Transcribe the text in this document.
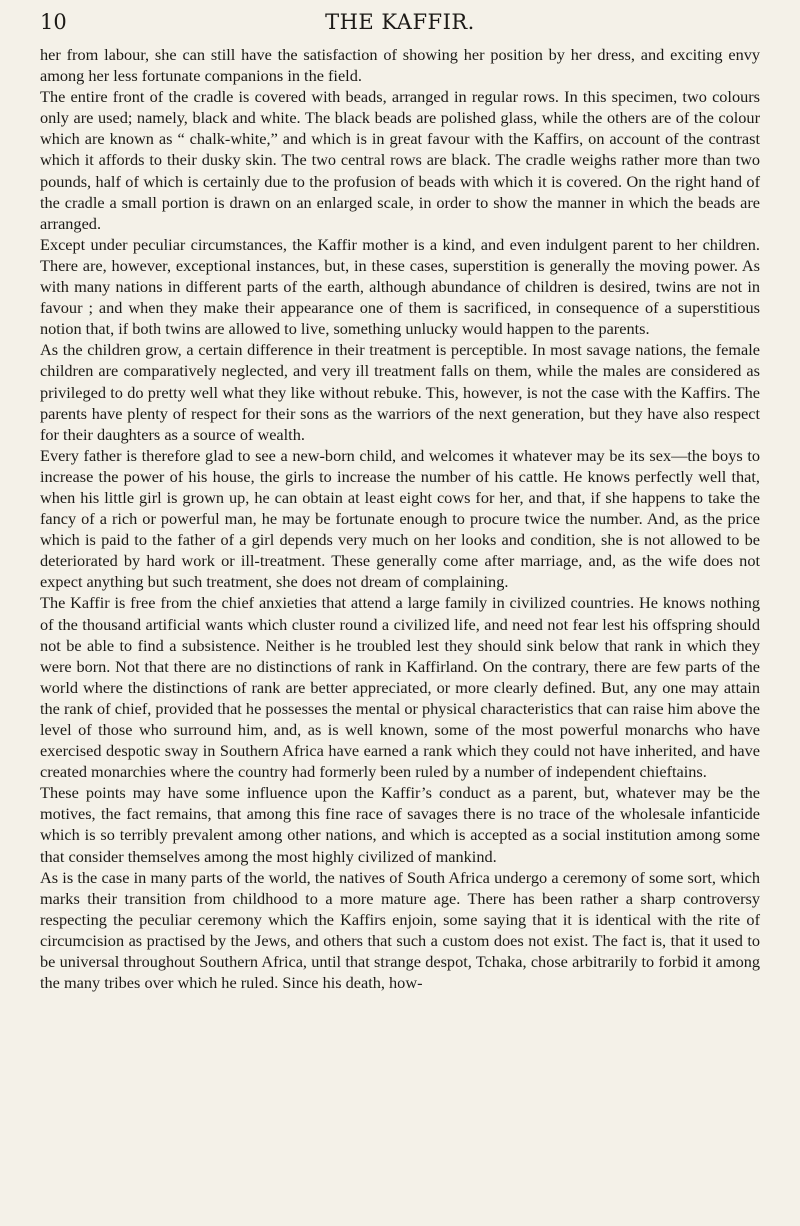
10	THE KAFFIR.

her from labour, she can still have the satisfaction of showing her position by her dress, and exciting envy among her less fortunate companions in the field.

The entire front of the cradle is covered with beads, arranged in regular rows. In this specimen, two colours only are used; namely, black and white. The black beads are polished glass, while the others are of the colour which are known as “ chalk-white,” and which is in great favour with the Kaffirs, on account of the contrast which it affords to their dusky skin. The two central rows are black. The cradle weighs rather more than two pounds, half of which is certainly due to the profusion of beads with which it is covered. On the right hand of the cradle a small portion is drawn on an enlarged scale, in order to show the manner in which the beads are arranged.

Except under peculiar circumstances, the Kaffir mother is a kind, and even indulgent parent to her children. There are, however, exceptional instances, but, in these cases, superstition is generally the moving power. As with many nations in different parts of the earth, although abundance of children is desired, twins are not in favour ; and when they make their appearance one of them is sacrificed, in consequence of a superstitious notion that, if both twins are allowed to live, something unlucky would happen to the parents.

As the children grow, a certain difference in their treatment is perceptible. In most savage nations, the female children are comparatively neglected, and very ill treatment falls on them, while the males are considered as privileged to do pretty well what they like without rebuke. This, however, is not the case with the Kaffirs. The parents have plenty of respect for their sons as the warriors of the next generation, but they have also respect for their daughters as a source of wealth.

Every father is therefore glad to see a new-born child, and welcomes it whatever may be its sex—the boys to increase the power of his house, the girls to increase the number of his cattle. He knows perfectly well that, when his little girl is grown up, he can obtain at least eight cows for her, and that, if she happens to take the fancy of a rich or powerful man, he may be fortunate enough to procure twice the number. And, as the price which is paid to the father of a girl depends very much on her looks and condition, she is not allowed to be deteriorated by hard work or ill-treatment. These generally come after marriage, and, as the wife does not expect anything but such treatment, she does not dream of complaining.

The Kaffir is free from the chief anxieties that attend a large family in civilized countries. He knows nothing of the thousand artificial wants which cluster round a civilized life, and need not fear lest his offspring should not be able to find a subsistence. Neither is he troubled lest they should sink below that rank in which they were born. Not that there are no distinctions of rank in Kaffirland. On the contrary, there are few parts of the world where the distinctions of rank are better appreciated, or more clearly defined. But, any one may attain the rank of chief, provided that he possesses the mental or physical characteristics that can raise him above the level of those who surround him, and, as is well known, some of the most powerful monarchs who have exercised despotic sway in Southern Africa have earned a rank which they could not have inherited, and have created monarchies where the country had formerly been ruled by a number of independent chieftains.

These points may have some influence upon the Kaffir’s conduct as a parent, but, whatever may be the motives, the fact remains, that among this fine race of savages there is no trace of the wholesale infanticide which is so terribly prevalent among other nations, and which is accepted as a social institution among some that consider themselves among the most highly civilized of mankind.

As is the case in many parts of the world, the natives of South Africa undergo a ceremony of some sort, which marks their transition from childhood to a more mature age. There has been rather a sharp controversy respecting the peculiar ceremony which the Kaffirs enjoin, some saying that it is identical with the rite of circumcision as practised by the Jews, and others that such a custom does not exist. The fact is, that it used to be universal throughout Southern Africa, until that strange despot, Tchaka, chose arbitrarily to forbid it among the many tribes over which he ruled. Since his death, how-
